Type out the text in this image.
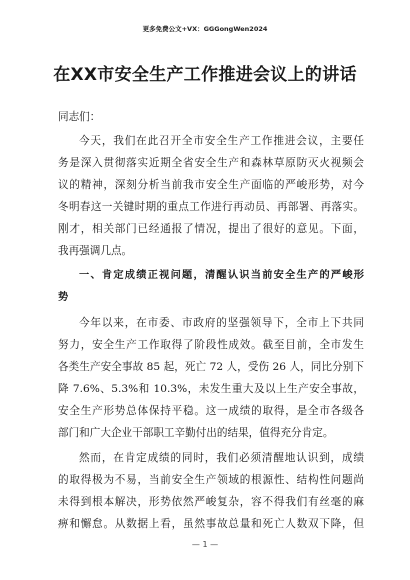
更多免费公文+VX：GGGongWen2024
在XX市安全生产工作推进会议上的讲话
同志们：
今天，我们在此召开全市安全生产工作推进会议，主要任
务是深入贯彻落实近期全省安全生产和森林草原防灭火视频会
议的精神，深刻分析当前我市安全生产面临的严峻形势，对今
冬明春这一关键时期的重点工作进行再动员、再部署、再落实。
刚才，相关部门已经通报了情况，提出了很好的意见。下面，
我再强调几点。
一、肯定成绩正视问题，清醒认识当前安全生产的严峻形
势
今年以来，在市委、市政府的坚强领导下，全市上下共同
努力，安全生产工作取得了阶段性成效。截至目前，全市发生
各类生产安全事故 85 起，死亡 72 人，受伤 26 人，同比分别下
降 7.6%、5.3%和 10.3%，未发生重大及以上生产安全事故，
安全生产形势总体保持平稳。这一成绩的取得，是全市各级各
部门和广大企业干部职工辛勤付出的结果，值得充分肯定。
然而，在肯定成绩的同时，我们必须清醒地认识到，成绩
的取得极为不易，当前安全生产领域的根源性、结构性问题尚
未得到根本解决，形势依然严峻复杂，容不得我们有丝毫的麻
痹和懈怠。从数据上看，虽然事故总量和死亡人数双下降，但
— 1 —
